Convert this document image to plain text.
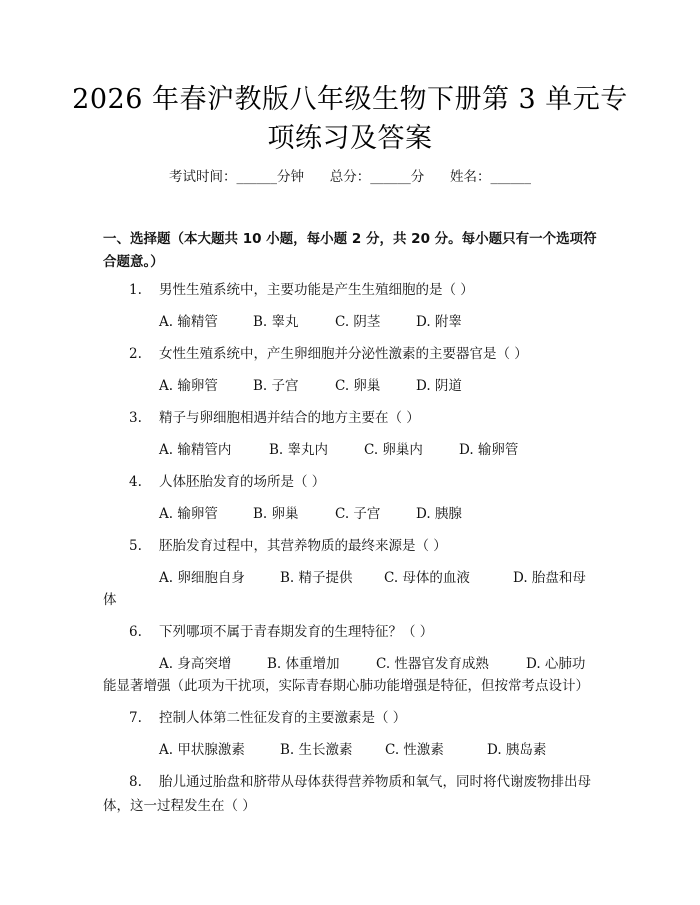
2026 年春沪教版八年级生物下册第 3 单元专
项练习及答案
考试时间：______分钟 总分：______分 姓名：______
一、选择题（本大题共 10 小题，每小题 2 分，共 20 分。每小题只有一个选项符
合题意。）
1. 男性生殖系统中，主要功能是产生生殖细胞的是（ ）
A. 输精管	B. 睾丸	C. 阴茎	D. 附睾
2. 女性生殖系统中，产生卵细胞并分泌性激素的主要器官是（ ）
A. 输卵管	B. 子宫	C. 卵巢	D. 阴道
3. 精子与卵细胞相遇并结合的地方主要在（ ）
A. 输精管内	B. 睾丸内	C. 卵巢内	D. 输卵管
4. 人体胚胎发育的场所是（ ）
A. 输卵管	B. 卵巢	C. 子宫	D. 胰腺
5. 胚胎发育过程中，其营养物质的最终来源是（ ）
A. 卵细胞自身	B. 精子提供 C. 母体的血液	D. 胎盘和母
体
6. 下列哪项不属于青春期发育的生理特征？（ ）
A. 身高突增	B. 体重增加	C. 性器官发育成熟	D. 心肺功
能显著增强（此项为干扰项，实际青春期心肺功能增强是特征，但按常考点设计）
7. 控制人体第二性征发育的主要激素是（ ）
A. 甲状腺激素	B. 生长激素 C. 性激素	D. 胰岛素
8. 胎儿通过胎盘和脐带从母体获得营养物质和氧气，同时将代谢废物排出母
体，这一过程发生在（ ）
